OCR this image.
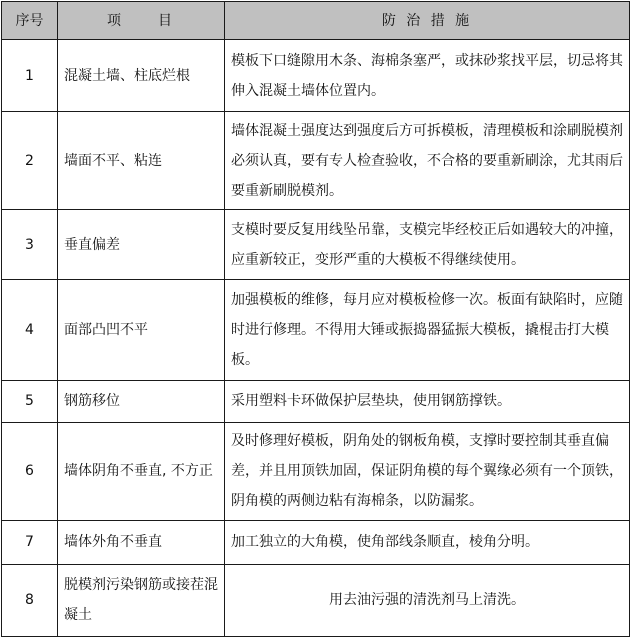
序号	项　　目	防 治 措 施
1	混凝土墙、柱底烂根	模板下口缝隙用木条、海棉条塞严，或抹砂浆找平层，切忌将其伸入混凝土墙体位置内。
2	墙面不平、粘连	墙体混凝土强度达到强度后方可拆模板，清理模板和涂刷脱模剂必须认真，要有专人检查验收，不合格的要重新刷涂，尤其雨后要重新刷脱模剂。
3	垂直偏差	支模时要反复用线坠吊靠，支模完毕经校正后如遇较大的冲撞，应重新较正，变形严重的大模板不得继续使用。
4	面部凸凹不平	加强模板的维修，每月应对模板检修一次。板面有缺陷时，应随时进行修理。不得用大锤或振捣器猛振大模板，撬棍击打大模板。
5	钢筋移位	采用塑料卡环做保护层垫块，使用钢筋撑铁。
6	墙体阴角不垂直, 不方正	及时修理好模板，阴角处的钢板角模，支撑时要控制其垂直偏差，并且用顶铁加固，保证阴角模的每个翼缘必须有一个顶铁，阴角模的两侧边粘有海棉条，以防漏浆。
7	墙体外角不垂直	加工独立的大角模，使角部线条顺直，棱角分明。
8	脱模剂污染钢筋或接茬混凝土	用去油污强的清洗剂马上清洗。
